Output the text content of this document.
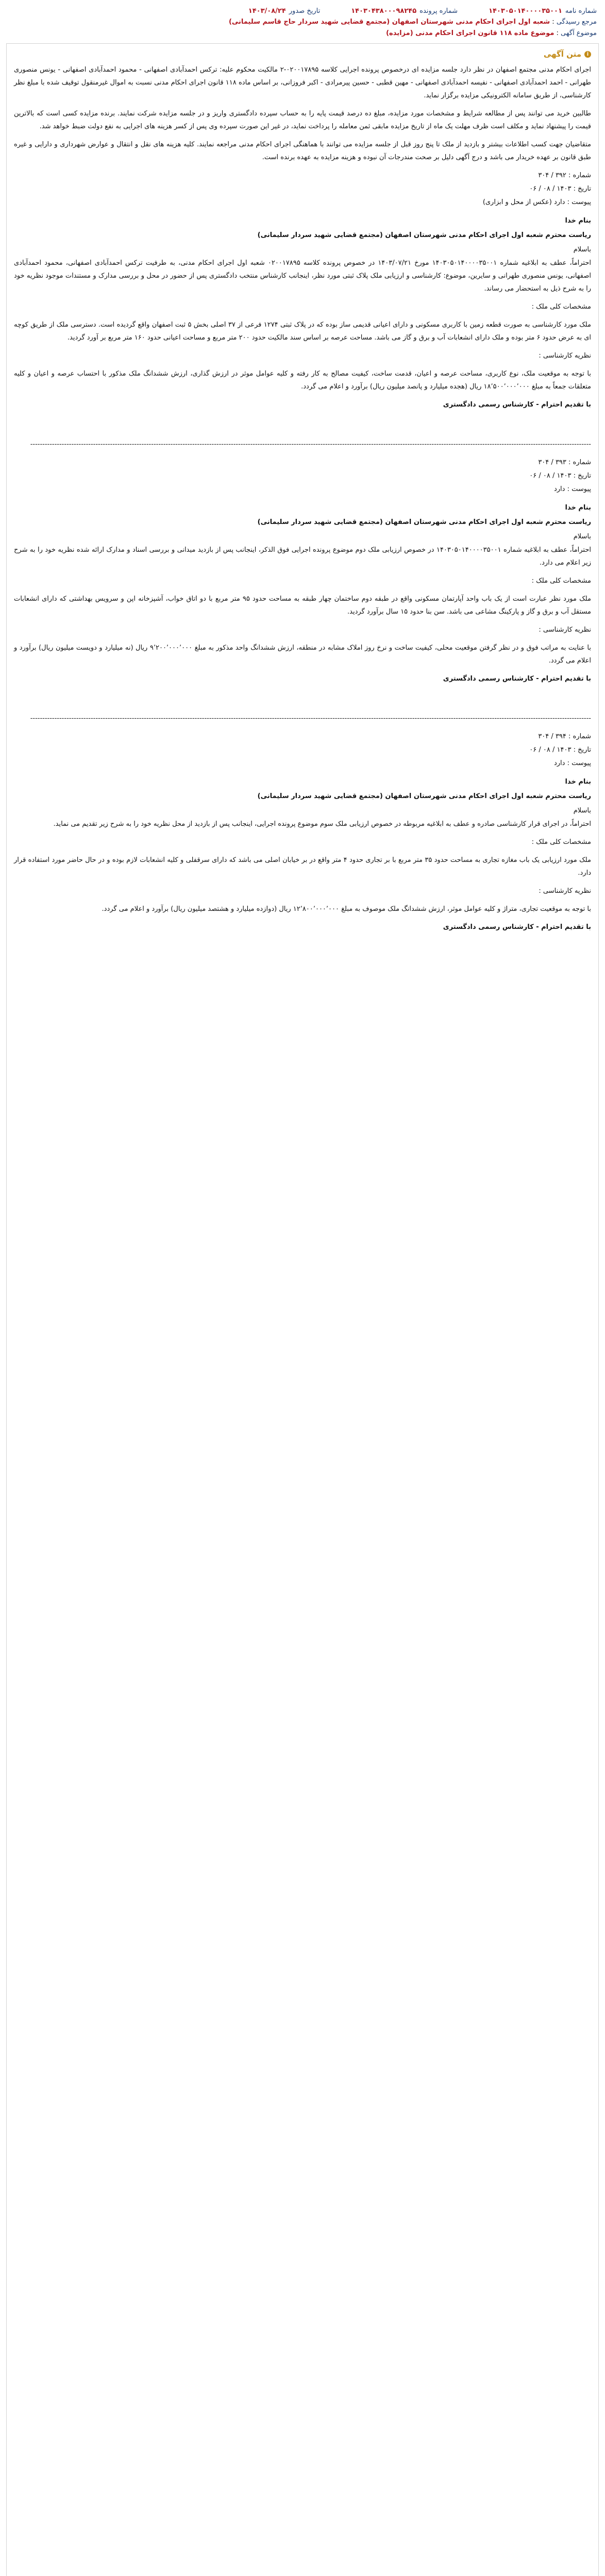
شماره نامه
۱۴۰۳۰۵۰۱۴۰۰۰۰۳۵۰۰۱
شماره پرونده
۱۴۰۳۰۴۳۸۰۰۰۹۸۲۴۵
تاریخ صدور
۱۴۰۳/۰۸/۲۴
مرجع رسیدگی : شعبه اول اجرای احکام مدنی شهرستان اصفهان (مجتمع قضایی شهید سردار حاج قاسم سلیمانی)
موضوع آگهی : موضوع ماده ۱۱۸ قانون اجرای احکام مدنی (مزایده)
i
متن آگهی

اجرای احکام مدنی مجتمع اصفهان در نظر دارد جلسه مزایده ای درخصوص پرونده اجرایی کلاسه ۰۲۰۰۱۷۸۹۵-۲ مالکیت محکوم علیه: ترکس احمدآبادی اصفهانی - محمود احمدآبادی اصفهانی - یونس منصوری طهرانی - احمد احمدآبادی اصفهانی - نفیسه احمدآبادی اصفهانی - مهین قطبی - حسین پیرمرادی - اکبر فروزانی، بر اساس ماده ۱۱۸ قانون اجرای احکام مدنی نسبت به اموال غیرمنقول توقیف شده با مبلغ نظر کارشناسی، از طریق سامانه الکترونیکی مزایده برگزار نماید.

طالبین خرید می توانند پس از مطالعه شرایط و مشخصات مورد مزایده، مبلغ ده درصد قیمت پایه را به حساب سپرده دادگستری واریز و در جلسه مزایده شرکت نمایند. برنده مزایده کسی است که بالاترین قیمت را پیشنهاد نماید و مکلف است ظرف مهلت یک ماه از تاریخ مزایده مابقی ثمن معامله را پرداخت نماید، در غیر این صورت سپرده وی پس از کسر هزینه های اجرایی به نفع دولت ضبط خواهد شد.

متقاضیان جهت کسب اطلاعات بیشتر و بازدید از ملک تا پنج روز قبل از جلسه مزایده می توانند با هماهنگی اجرای احکام مدنی مراجعه نمایند. کلیه هزینه های نقل و انتقال و عوارض شهرداری و دارایی و غیره طبق قانون بر عهده خریدار می باشد و درج آگهی دلیل بر صحت مندرجات آن نبوده و هزینه مزایده به عهده برنده است.

شماره : ۳۹۲ / ۳۰۴

تاریخ : ۱۴۰۳ / ۰۸ / ۰۶

پیوست : دارد (عکس از محل و ابزاری)

بنام خدا

ریاست محترم شعبه اول اجرای احکام مدنی شهرستان اصفهان (مجتمع قضایی شهید سردار سلیمانی)

باسلام

احتراماً، عطف به ابلاغیه شماره ۱۴۰۳۰۵۰۱۴۰۰۰۰۳۵۰۰۱ مورخ ۱۴۰۳/۰۷/۲۱ در خصوص پرونده کلاسه ۰۲۰۰۱۷۸۹۵ شعبه اول اجرای احکام مدنی، به طرفیت ترکس احمدآبادی اصفهانی، محمود احمدآبادی اصفهانی، یونس منصوری طهرانی و سایرین، موضوع: کارشناسی و ارزیابی ملک پلاک ثبتی مورد نظر، اینجانب کارشناس منتخب دادگستری پس از حضور در محل و بررسی مدارک و مستندات موجود نظریه خود را به شرح ذیل به استحضار می رساند.

مشخصات کلی ملک :

ملک مورد کارشناسی به صورت قطعه زمین با کاربری مسکونی و دارای اعیانی قدیمی ساز بوده که در پلاک ثبتی ۱۲۷۴ فرعی از ۳۷ اصلی بخش ۵ ثبت اصفهان واقع گردیده است. دسترسی ملک از طریق کوچه ای به عرض حدود ۶ متر بوده و ملک دارای انشعابات آب و برق و گاز می باشد. مساحت عرصه بر اساس سند مالکیت حدود ۲۰۰ متر مربع و مساحت اعیانی حدود ۱۶۰ متر مربع بر آورد گردید.

نظریه کارشناسی :

با توجه به موقعیت ملک، نوع کاربری، مساحت عرصه و اعیان، قدمت ساخت، کیفیت مصالح به کار رفته و کلیه عوامل موثر در ارزش گذاری، ارزش ششدانگ ملک مذکور با احتساب عرصه و اعیان و کلیه متعلقات جمعاً به مبلغ ۱۸٬۵۰۰٬۰۰۰٬۰۰۰ ریال (هجده میلیارد و پانصد میلیون ریال) برآورد و اعلام می گردد.

با تقدیم احترام - کارشناس رسمی دادگستری

----------------------------------------------------------------------------------------------------------------------------------------------------------------------------------------------------------------------------------------

شماره : ۳۹۳ / ۳۰۴

تاریخ : ۱۴۰۳ / ۰۸ / ۰۶

پیوست : دارد

بنام خدا

ریاست محترم شعبه اول اجرای احکام مدنی شهرستان اصفهان (مجتمع قضایی شهید سردار سلیمانی)

باسلام

احتراماً، عطف به ابلاغیه شماره ۱۴۰۳۰۵۰۱۴۰۰۰۰۳۵۰۰۱ در خصوص ارزیابی ملک دوم موضوع پرونده اجرایی فوق الذکر، اینجانب پس از بازدید میدانی و بررسی اسناد و مدارک ارائه شده نظریه خود را به شرح زیر اعلام می دارد.

مشخصات کلی ملک :

ملک مورد نظر عبارت است از یک باب واحد آپارتمان مسکونی واقع در طبقه دوم ساختمان چهار طبقه به مساحت حدود ۹۵ متر مربع با دو اتاق خواب، آشپزخانه اپن و سرویس بهداشتی که دارای انشعابات مستقل آب و برق و گاز و پارکینگ مشاعی می باشد. سن بنا حدود ۱۵ سال برآورد گردید.

نظریه کارشناسی :

با عنایت به مراتب فوق و در نظر گرفتن موقعیت محلی، کیفیت ساخت و نرخ روز املاک مشابه در منطقه، ارزش ششدانگ واحد مذکور به مبلغ ۹٬۲۰۰٬۰۰۰٬۰۰۰ ریال (نه میلیارد و دویست میلیون ریال) برآورد و اعلام می گردد.

با تقدیم احترام - کارشناس رسمی دادگستری

----------------------------------------------------------------------------------------------------------------------------------------------------------------------------------------------------------------------------------------

شماره : ۳۹۴ / ۳۰۴

تاریخ : ۱۴۰۳ / ۰۸ / ۰۶

پیوست : دارد

بنام خدا

ریاست محترم شعبه اول اجرای احکام مدنی شهرستان اصفهان (مجتمع قضایی شهید سردار سلیمانی)

باسلام

احتراماً، در اجرای قرار کارشناسی صادره و عطف به ابلاغیه مربوطه در خصوص ارزیابی ملک سوم موضوع پرونده اجرایی، اینجانب پس از بازدید از محل نظریه خود را به شرح زیر تقدیم می نماید.

مشخصات کلی ملک :

ملک مورد ارزیابی یک باب مغازه تجاری به مساحت حدود ۳۵ متر مربع با بر تجاری حدود ۴ متر واقع در بر خیابان اصلی می باشد که دارای سرقفلی و کلیه انشعابات لازم بوده و در حال حاضر مورد استفاده قرار دارد.

نظریه کارشناسی :

با توجه به موقعیت تجاری، متراژ و کلیه عوامل موثر، ارزش ششدانگ ملک موصوف به مبلغ ۱۲٬۸۰۰٬۰۰۰٬۰۰۰ ریال (دوازده میلیارد و هشتصد میلیون ریال) برآورد و اعلام می گردد.

با تقدیم احترام - کارشناس رسمی دادگستری
